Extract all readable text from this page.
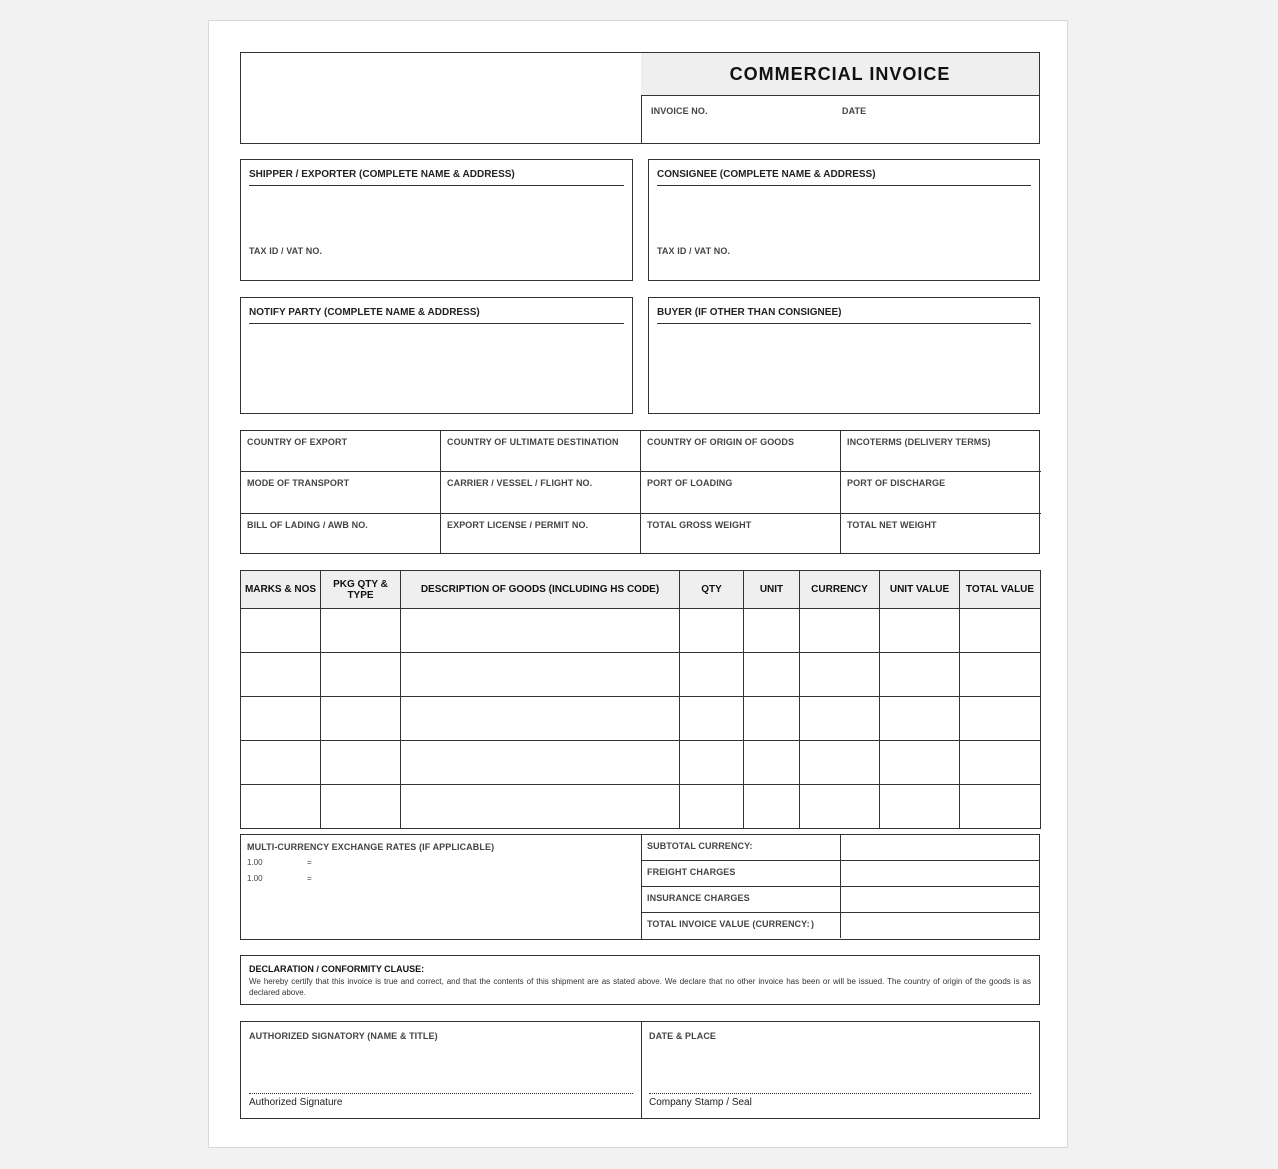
COMMERCIAL INVOICE
INVOICE NO.	DATE
SHIPPER / EXPORTER (COMPLETE NAME & ADDRESS)
TAX ID / VAT NO.
CONSIGNEE (COMPLETE NAME & ADDRESS)
TAX ID / VAT NO.
NOTIFY PARTY (COMPLETE NAME & ADDRESS)	BUYER (IF OTHER THAN CONSIGNEE)
COUNTRY OF EXPORT	COUNTRY OF ULTIMATE DESTINATION	COUNTRY OF ORIGIN OF GOODS	INCOTERMS (DELIVERY TERMS)
MODE OF TRANSPORT	CARRIER / VESSEL / FLIGHT NO.	PORT OF LOADING	PORT OF DISCHARGE
BILL OF LADING / AWB NO.	EXPORT LICENSE / PERMIT NO.	TOTAL GROSS WEIGHT	TOTAL NET WEIGHT
MARKS & NOS	PKG QTY & TYPE	DESCRIPTION OF GOODS (INCLUDING HS CODE)	QTY	UNIT	CURRENCY	UNIT VALUE	TOTAL VALUE

MULTI-CURRENCY EXCHANGE RATES (IF APPLICABLE)
1.00	=
1.00	=
SUBTOTAL CURRENCY:
FREIGHT CHARGES
INSURANCE CHARGES
TOTAL INVOICE VALUE (CURRENCY: )
DECLARATION / CONFORMITY CLAUSE:
We hereby certify that this invoice is true and correct, and that the contents of this shipment are as stated above. We declare that no other invoice has been or will be issued. The country of origin of the goods is as declared above.
AUTHORIZED SIGNATORY (NAME & TITLE)
Authorized Signature
DATE & PLACE
Company Stamp / Seal
